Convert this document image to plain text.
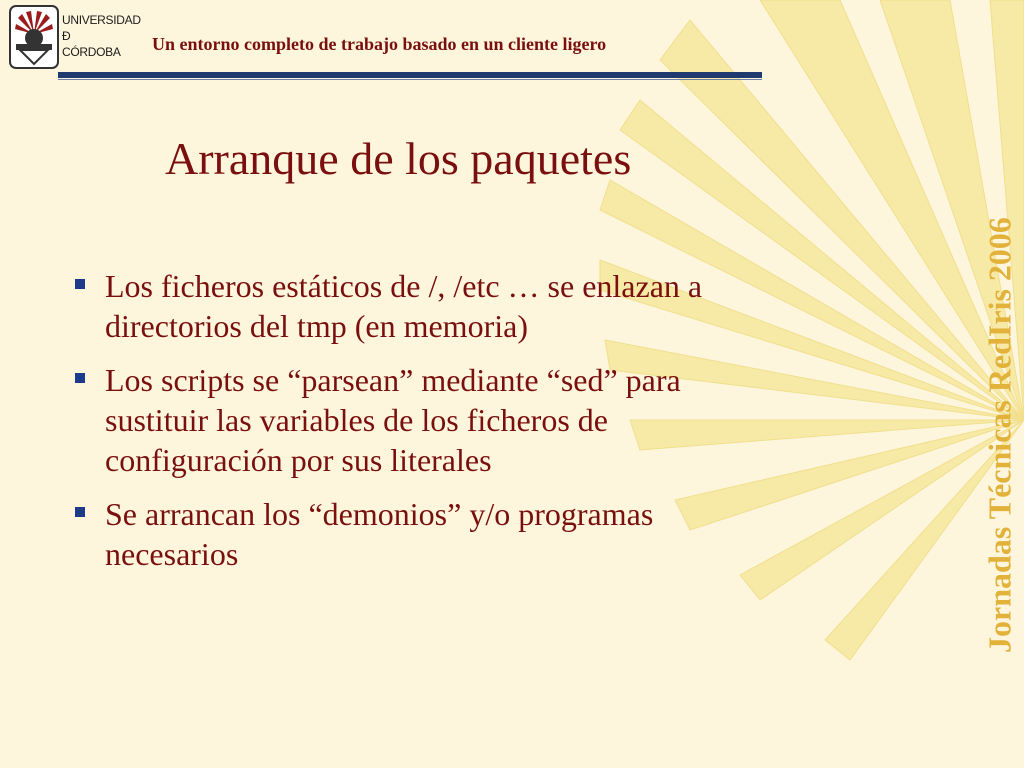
UNIVERSIDAD
Đ
CÓRDOBA	Un entorno completo de trabajo basado en un cliente ligero
Arranque de los paquetes
Los ficheros estáticos de /, /etc … se enlazan a
directorios del tmp (en memoria)
Los scripts se “parsean” mediante “sed” para
sustituir las variables de los ficheros de
configuración por sus literales
Se arrancan los “demonios” y/o programas
necesarios	Jornadas Técnicas RedIris 2006
